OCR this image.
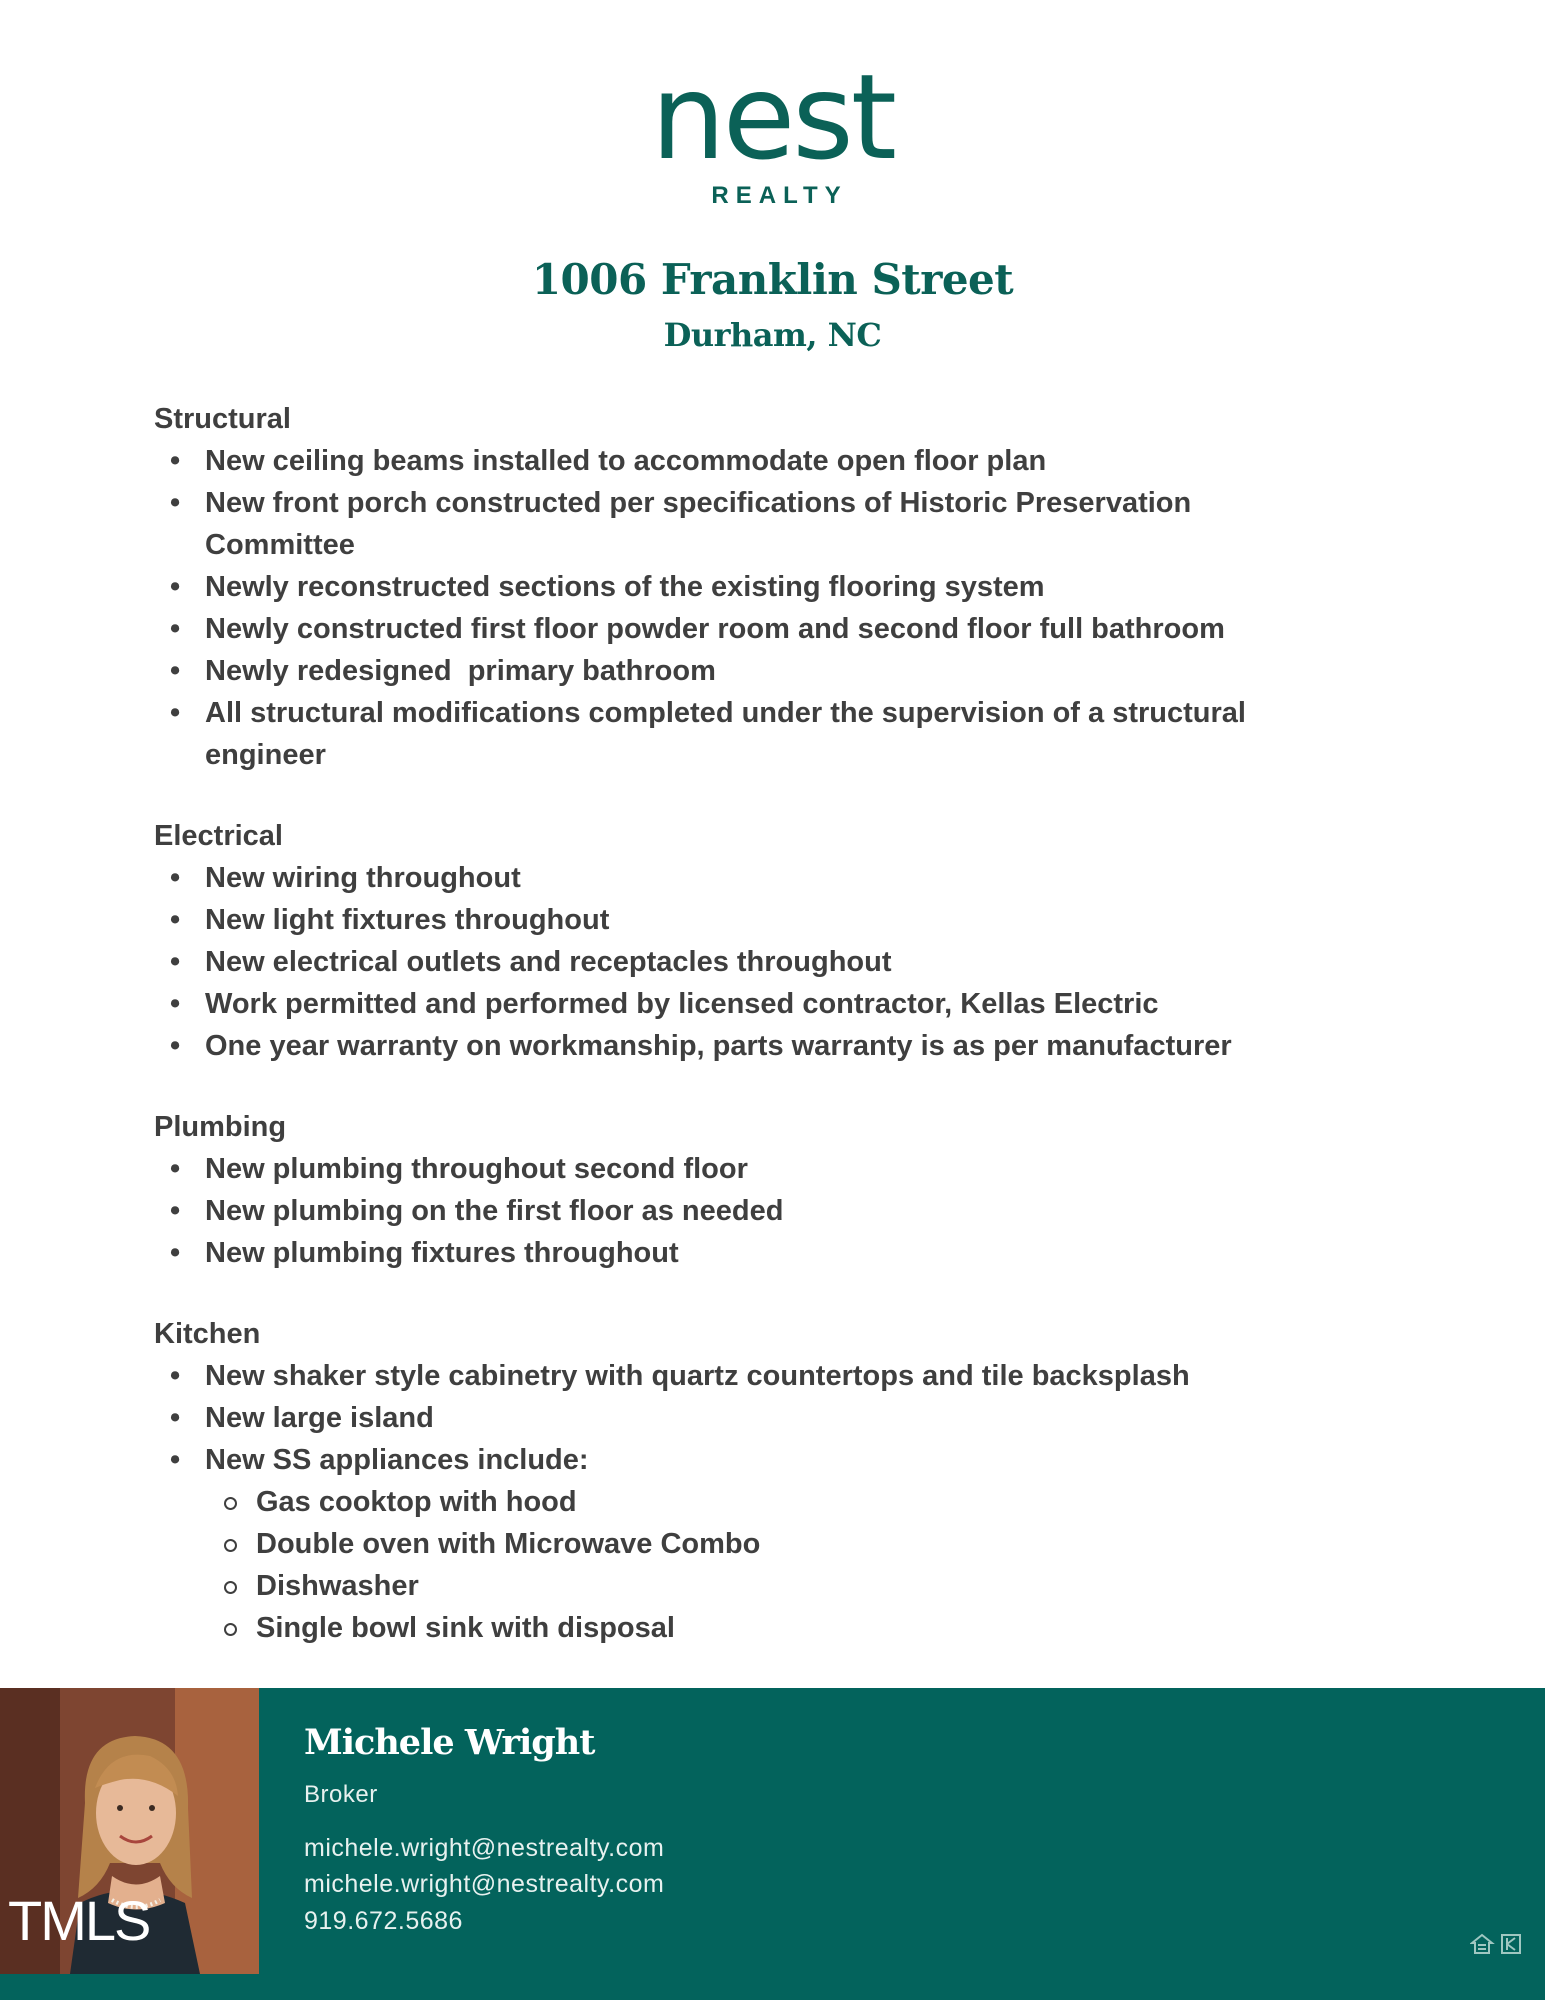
nest
REALTY
1006 Franklin Street
Durham, NC
Structural
• New ceiling beams installed to accommodate open floor plan
• New front porch constructed per specifications of Historic Preservation Committee
• Newly reconstructed sections of the existing flooring system
• Newly constructed first floor powder room and second floor full bathroom
• Newly redesigned  primary bathroom
• All structural modifications completed under the supervision of a structural engineer
Electrical
• New wiring throughout
• New light fixtures throughout
• New electrical outlets and receptacles throughout
• Work permitted and performed by licensed contractor, Kellas Electric
• One year warranty on workmanship, parts warranty is as per manufacturer
Plumbing
• New plumbing throughout second floor
• New plumbing on the first floor as needed
• New plumbing fixtures throughout
Kitchen
• New shaker style cabinetry with quartz countertops and tile backsplash
• New large island
• New SS appliances include:
Gas cooktop with hood
Double oven with Microwave Combo
Dishwasher
Single bowl sink with disposal
TMLS
Michele Wright
Broker
michele.wright@nestrealty.com
michele.wright@nestrealty.com
919.672.5686
